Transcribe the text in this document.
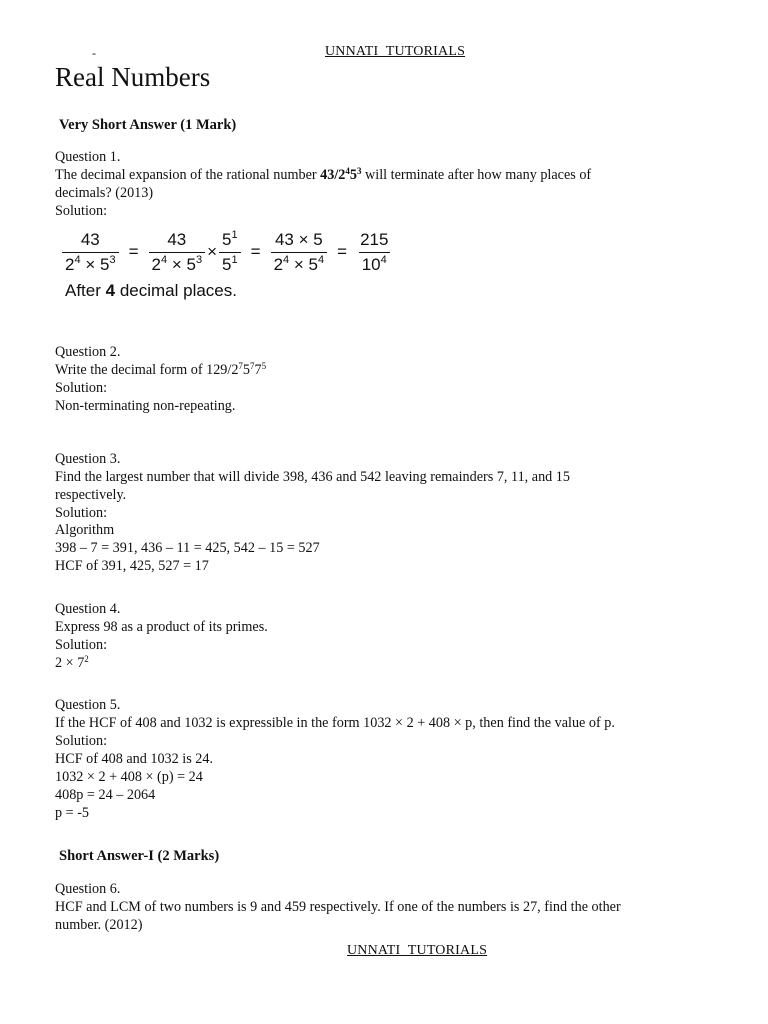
-	UNNATI TUTORIALS
Real Numbers
Very Short Answer (1 Mark)
Question 1.
The decimal expansion of the rational number $43/2^45^3$ will terminate after how many places of
decimals? (2013)
Solution:
$\frac{43}{2^4 \times 5^3} = \frac{43}{2^4 \times 5^3} \times \frac{5^1}{5^1} = \frac{43 \times 5}{2^4 \times 5^4} = \frac{215}{10^4}$
After 4 decimal places.
Question 2.
Write the decimal form of $129/2^75^77^5$
Solution:
Non-terminating non-repeating.
Question 3.
Find the largest number that will divide 398, 436 and 542 leaving remainders 7, 11, and 15
respectively.
Solution:
Algorithm
398 – 7 = 391, 436 – 11 = 425, 542 – 15 = 527
HCF of 391, 425, 527 = 17
Question 4.
Express 98 as a product of its primes.
Solution:
$2 \times 7^2$
Question 5.
If the HCF of 408 and 1032 is expressible in the form 1032 × 2 + 408 × p, then find the value of p.
Solution:
HCF of 408 and 1032 is 24.
1032 × 2 + 408 × (p) = 24
408p = 24 – 2064
p = -5
Short Answer-I (2 Marks)
Question 6.
HCF and LCM of two numbers is 9 and 459 respectively. If one of the numbers is 27, find the other
number. (2012)
UNNATI TUTORIALS
